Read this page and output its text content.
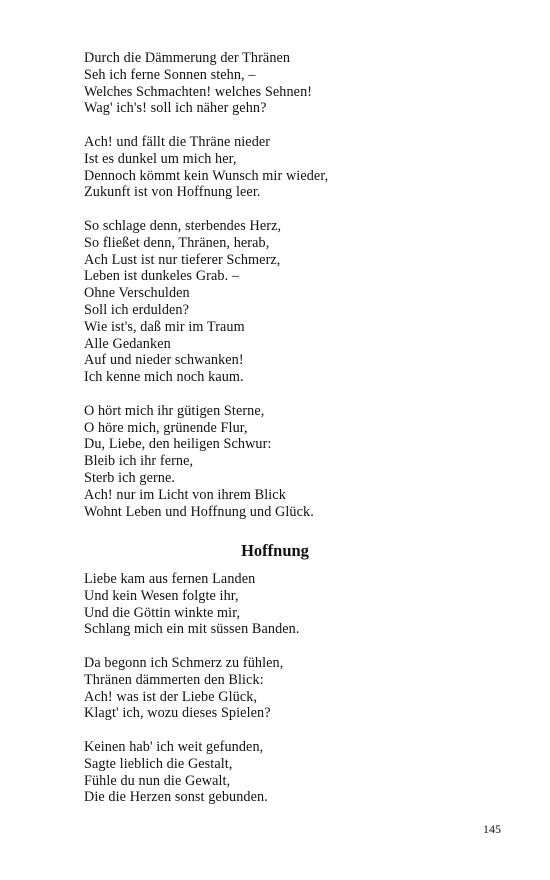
Durch die Dämmerung der Thränen
Seh ich ferne Sonnen stehn, –
Welches Schmachten! welches Sehnen!
Wag' ich's! soll ich näher gehn?
Ach! und fällt die Thräne nieder
Ist es dunkel um mich her,
Dennoch kömmt kein Wunsch mir wieder,
Zukunft ist von Hoffnung leer.
So schlage denn, sterbendes Herz,
So fließet denn, Thränen, herab,
Ach Lust ist nur tieferer Schmerz,
Leben ist dunkeles Grab. –
Ohne Verschulden
Soll ich erdulden?
Wie ist's, daß mir im Traum
Alle Gedanken
Auf und nieder schwanken!
Ich kenne mich noch kaum.
O hört mich ihr gütigen Sterne,
O höre mich, grünende Flur,
Du, Liebe, den heiligen Schwur:
Bleib ich ihr ferne,
Sterb ich gerne.
Ach! nur im Licht von ihrem Blick
Wohnt Leben und Hoffnung und Glück.
Hoffnung
Liebe kam aus fernen Landen
Und kein Wesen folgte ihr,
Und die Göttin winkte mir,
Schlang mich ein mit süssen Banden.
Da begonn ich Schmerz zu fühlen,
Thränen dämmerten den Blick:
Ach! was ist der Liebe Glück,
Klagt' ich, wozu dieses Spielen?
Keinen hab' ich weit gefunden,
Sagte lieblich die Gestalt,
Fühle du nun die Gewalt,
Die die Herzen sonst gebunden.
145
